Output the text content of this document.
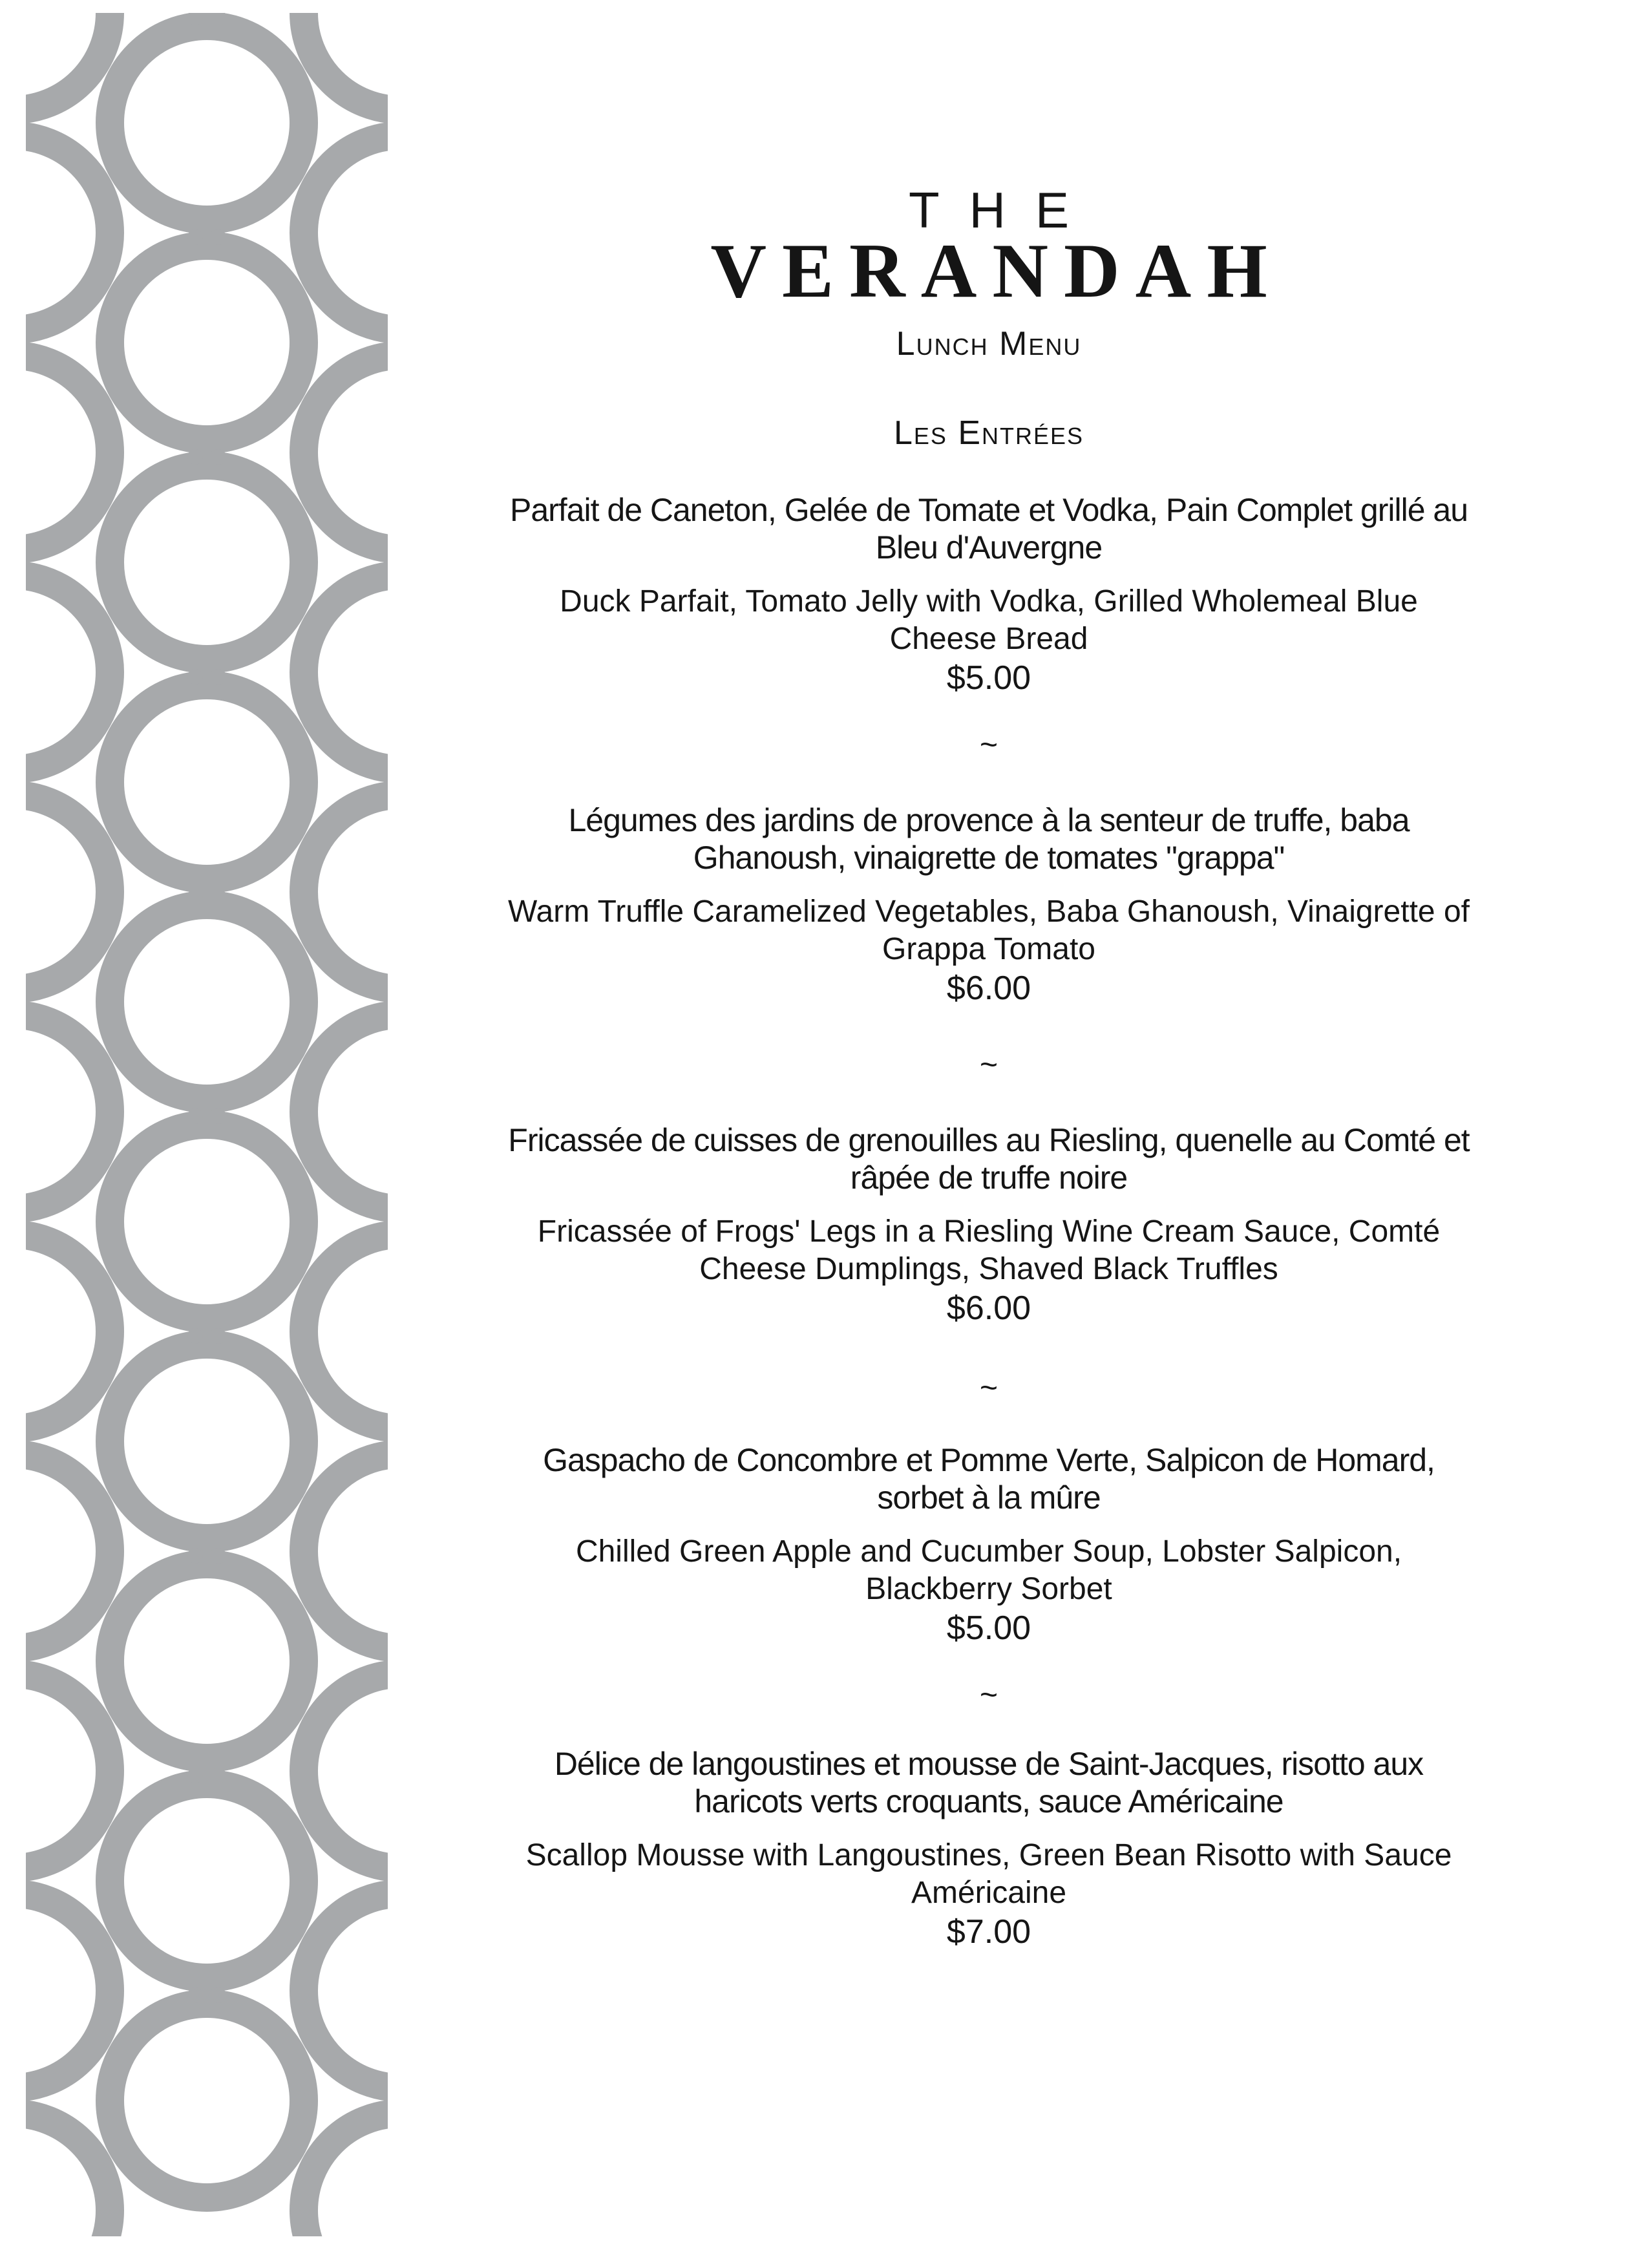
THE
VERANDAH
Lunch Menu
Les Entrées
Parfait de Caneton, Gelée de Tomate et Vodka, Pain Complet grillé au Bleu d'Auvergne
Duck Parfait, Tomato Jelly with Vodka, Grilled Wholemeal Blue Cheese Bread
$5.00
~
Légumes des jardins de provence à la senteur de truffe, baba Ghanoush, vinaigrette de tomates "grappa"
Warm Truffle Caramelized Vegetables, Baba Ghanoush, Vinaigrette of Grappa Tomato
$6.00
~
Fricassée de cuisses de grenouilles au Riesling, quenelle au Comté et râpée de truffe noire
Fricassée of Frogs' Legs in a Riesling Wine Cream Sauce, Comté Cheese Dumplings, Shaved Black Truffles
$6.00
~
Gaspacho de Concombre et Pomme Verte, Salpicon de Homard, sorbet à la mûre
Chilled Green Apple and Cucumber Soup, Lobster Salpicon, Blackberry Sorbet
$5.00
~
Délice de langoustines et mousse de Saint-Jacques, risotto aux haricots verts croquants, sauce Américaine
Scallop Mousse with Langoustines, Green Bean Risotto with Sauce Américaine
$7.00
